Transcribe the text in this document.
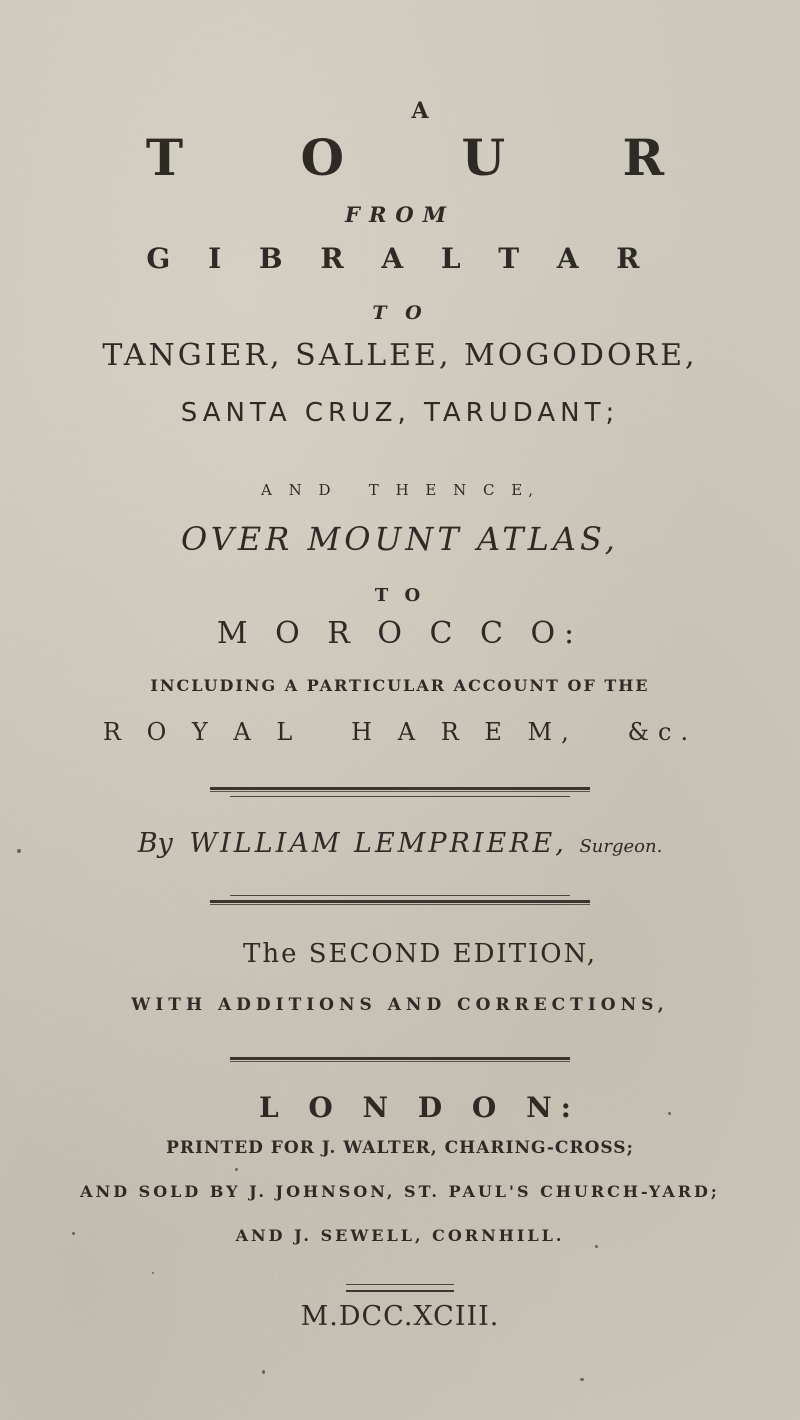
A
T O U R
FROM
G I B R A L T A R
T O
TANGIER, SALLEE, MOGODORE,
SANTA CRUZ, TARUDANT;
A N D   T H E N C E,
OVER MOUNT ATLAS,
T O
M O R O C C O:
INCLUDING A PARTICULAR ACCOUNT OF THE
R O Y A L   H A R E M,   &c.
By WILLIAM LEMPRIERE, Surgeon.
The SECOND EDITION,
WITH ADDITIONS AND CORRECTIONS,
L O N D O N:
PRINTED FOR J. WALTER, CHARING-CROSS;
AND SOLD BY J. JOHNSON, ST. PAUL'S CHURCH-YARD;
AND J. SEWELL, CORNHILL.
M.DCC.XCIII.
